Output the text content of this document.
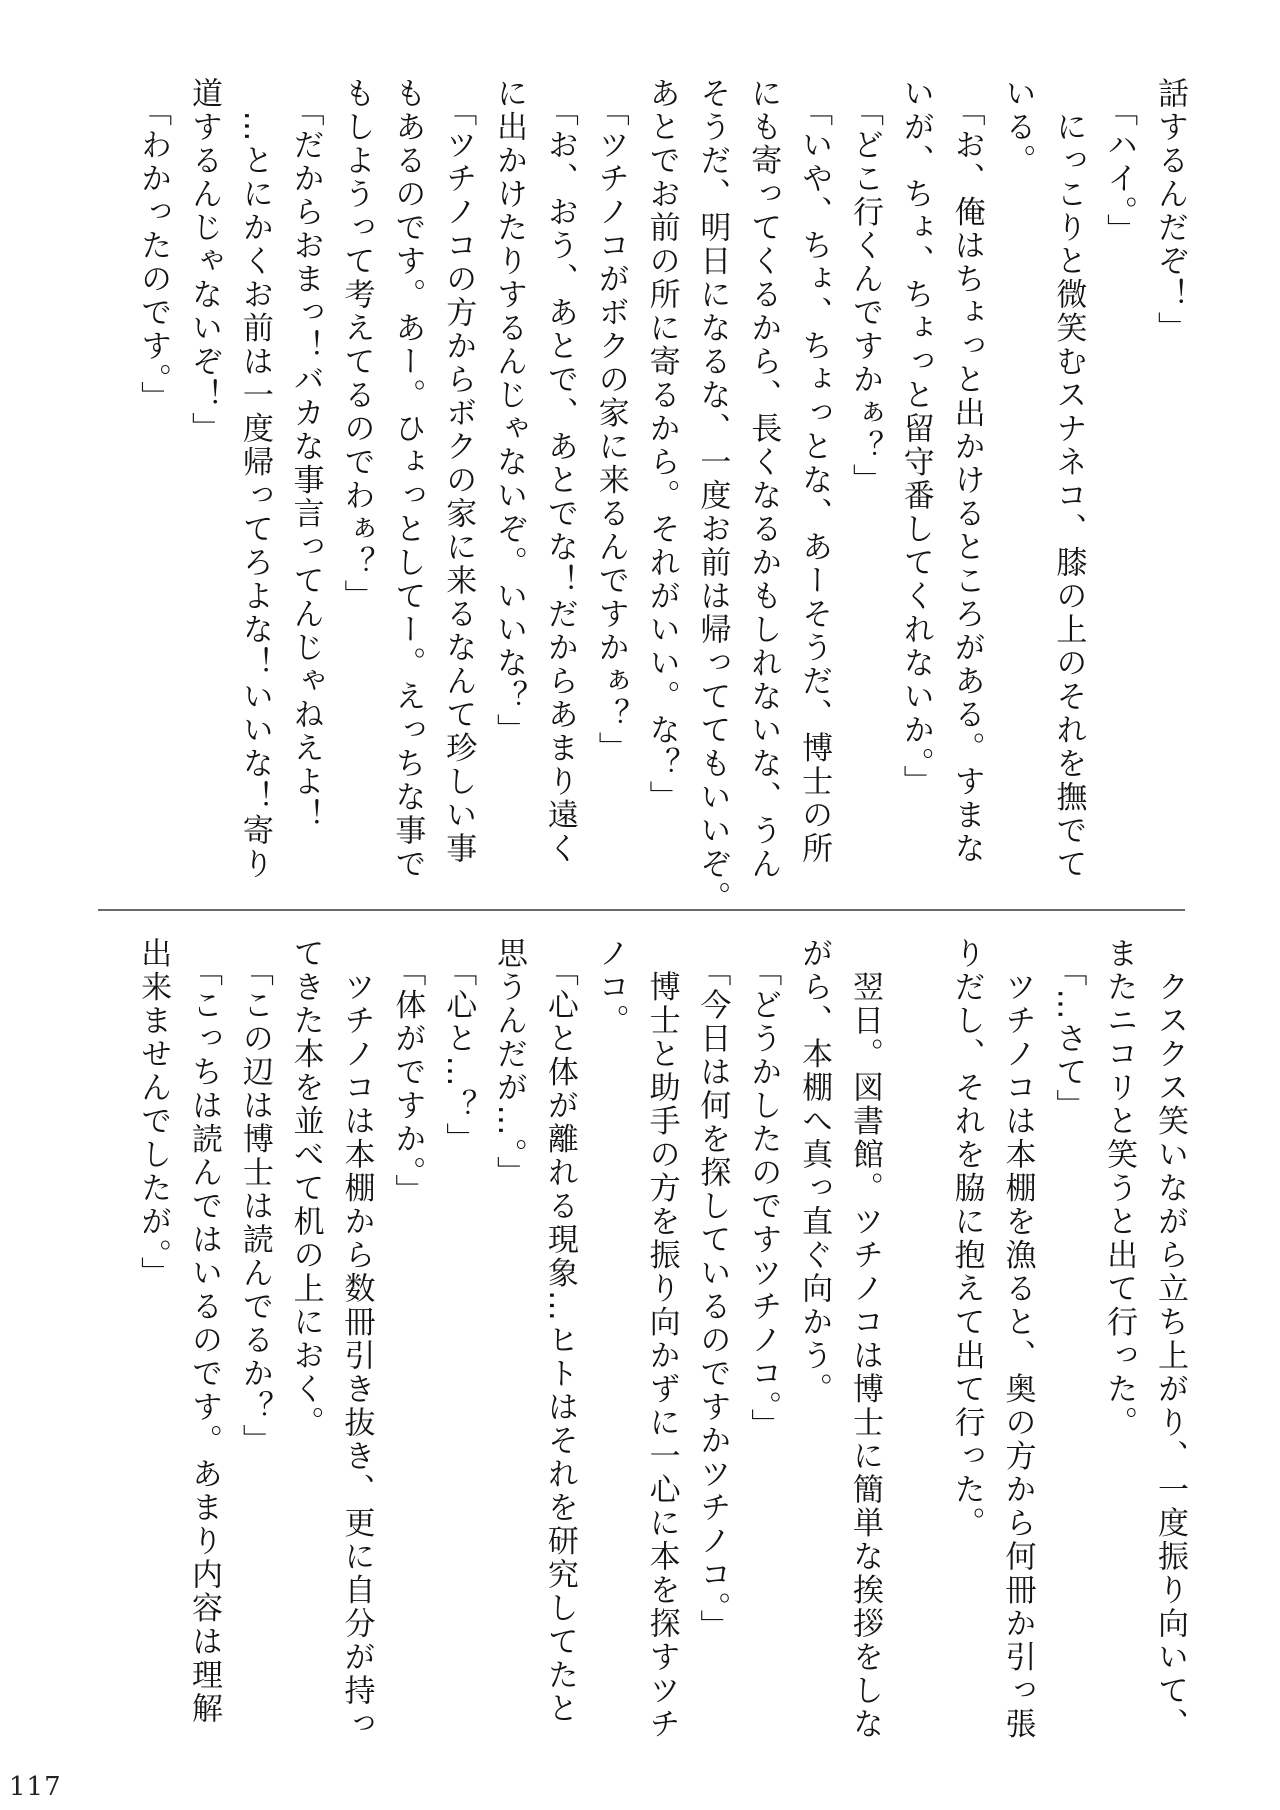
話するんだぞ！」
　「ハイ。」
　にっこりと微笑むスナネコ、膝の上のそれを撫でて
いる。
　「お、俺はちょっと出かけるところがある。すまな
いが、ちょ、ちょっと留守番してくれないか。」
　「どこ行くんですかぁ？」
　「いや、ちょ、ちょっとな、あーそうだ、博士の所
にも寄ってくるから、長くなるかもしれないな、うん
そうだ、明日になるな、一度お前は帰っててもいいぞ。
あとでお前の所に寄るから。それがいい。な？」
　「ツチノコがボクの家に来るんですかぁ？」
　「お、おう、あとで、あとでな！だからあまり遠く
に出かけたりするんじゃないぞ。いいな？」
　「ツチノコの方からボクの家に来るなんて珍しい事
もあるのです。あー。ひょっとしてー。えっちな事で
もしようって考えてるのでわぁ？」
　「だからおまっ！バカな事言ってんじゃねえよ！
　…とにかくお前は一度帰ってろよな！いいな！寄り
道するんじゃないぞ！」
　「わかったのです。」
　クスクス笑いながら立ち上がり、一度振り向いて、
またニコリと笑うと出て行った。
　「…さて」
　ツチノコは本棚を漁ると、奥の方から何冊か引っ張
りだし、それを脇に抱えて出て行った。
　翌日。図書館。ツチノコは博士に簡単な挨拶をしな
がら、本棚へ真っ直ぐ向かう。
　「どうかしたのですツチノコ。」
　「今日は何を探しているのですかツチノコ。」
　博士と助手の方を振り向かずに一心に本を探すツチ
ノコ。
　「心と体が離れる現象…ヒトはそれを研究してたと
思うんだが…。」
　「心と…？」
　「体がですか。」
　ツチノコは本棚から数冊引き抜き、更に自分が持っ
てきた本を並べて机の上におく。
　「この辺は博士は読んでるか？」
　「こっちは読んではいるのです。あまり内容は理解
出来ませんでしたが。」
117
